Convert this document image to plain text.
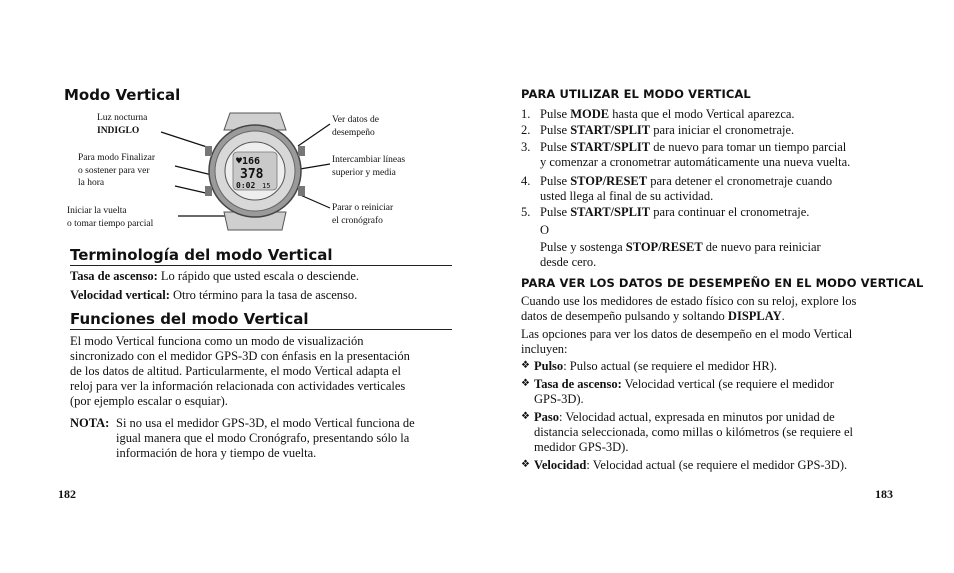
Modo Vertical
♥166
378
0:02 15
Luz nocturna
INDIGLO
Para modo Finalizar
o sostener para ver
la hora
Iniciar la vuelta
o tomar tiempo parcial
Ver datos de
desempeño
Intercambiar líneas
superior y media
Parar o reiniciar
el cronógrafo
Terminología del modo Vertical
Tasa de ascenso: Lo rápido que usted escala o desciende.
Velocidad vertical: Otro término para la tasa de ascenso.
Funciones del modo Vertical
El modo Vertical funciona como un modo de visualización
sincronizado con el medidor GPS-3D con énfasis en la presentación
de los datos de altitud. Particularmente, el modo Vertical adapta el
reloj para ver la información relacionada con actividades verticales
(por ejemplo escalar o esquiar).
NOTA: Si no usa el medidor GPS-3D, el modo Vertical funciona de
igual manera que el modo Cronógrafo, presentando sólo la
información de hora y tiempo de vuelta.
182
PARA UTILIZAR EL MODO VERTICAL
1. Pulse MODE hasta que el modo Vertical aparezca.
2. Pulse START/SPLIT para iniciar el cronometraje.
3. Pulse START/SPLIT de nuevo para tomar un tiempo parcial
y comenzar a cronometrar automáticamente una nueva vuelta.
4. Pulse STOP/RESET para detener el cronometraje cuando
usted llega al final de su actividad.
5. Pulse START/SPLIT para continuar el cronometraje.
O
Pulse y sostenga STOP/RESET de nuevo para reiniciar
desde cero.
PARA VER LOS DATOS DE DESEMPEÑO EN EL MODO VERTICAL
Cuando use los medidores de estado físico con su reloj, explore los
datos de desempeño pulsando y soltando DISPLAY.
Las opciones para ver los datos de desempeño en el modo Vertical
incluyen:
❖ Pulso: Pulso actual (se requiere el medidor HR).
❖ Tasa de ascenso: Velocidad vertical (se requiere el medidor
GPS-3D).
❖ Paso: Velocidad actual, expresada en minutos por unidad de
distancia seleccionada, como millas o kilómetros (se requiere el
medidor GPS-3D).
❖ Velocidad: Velocidad actual (se requiere el medidor GPS-3D).
183
